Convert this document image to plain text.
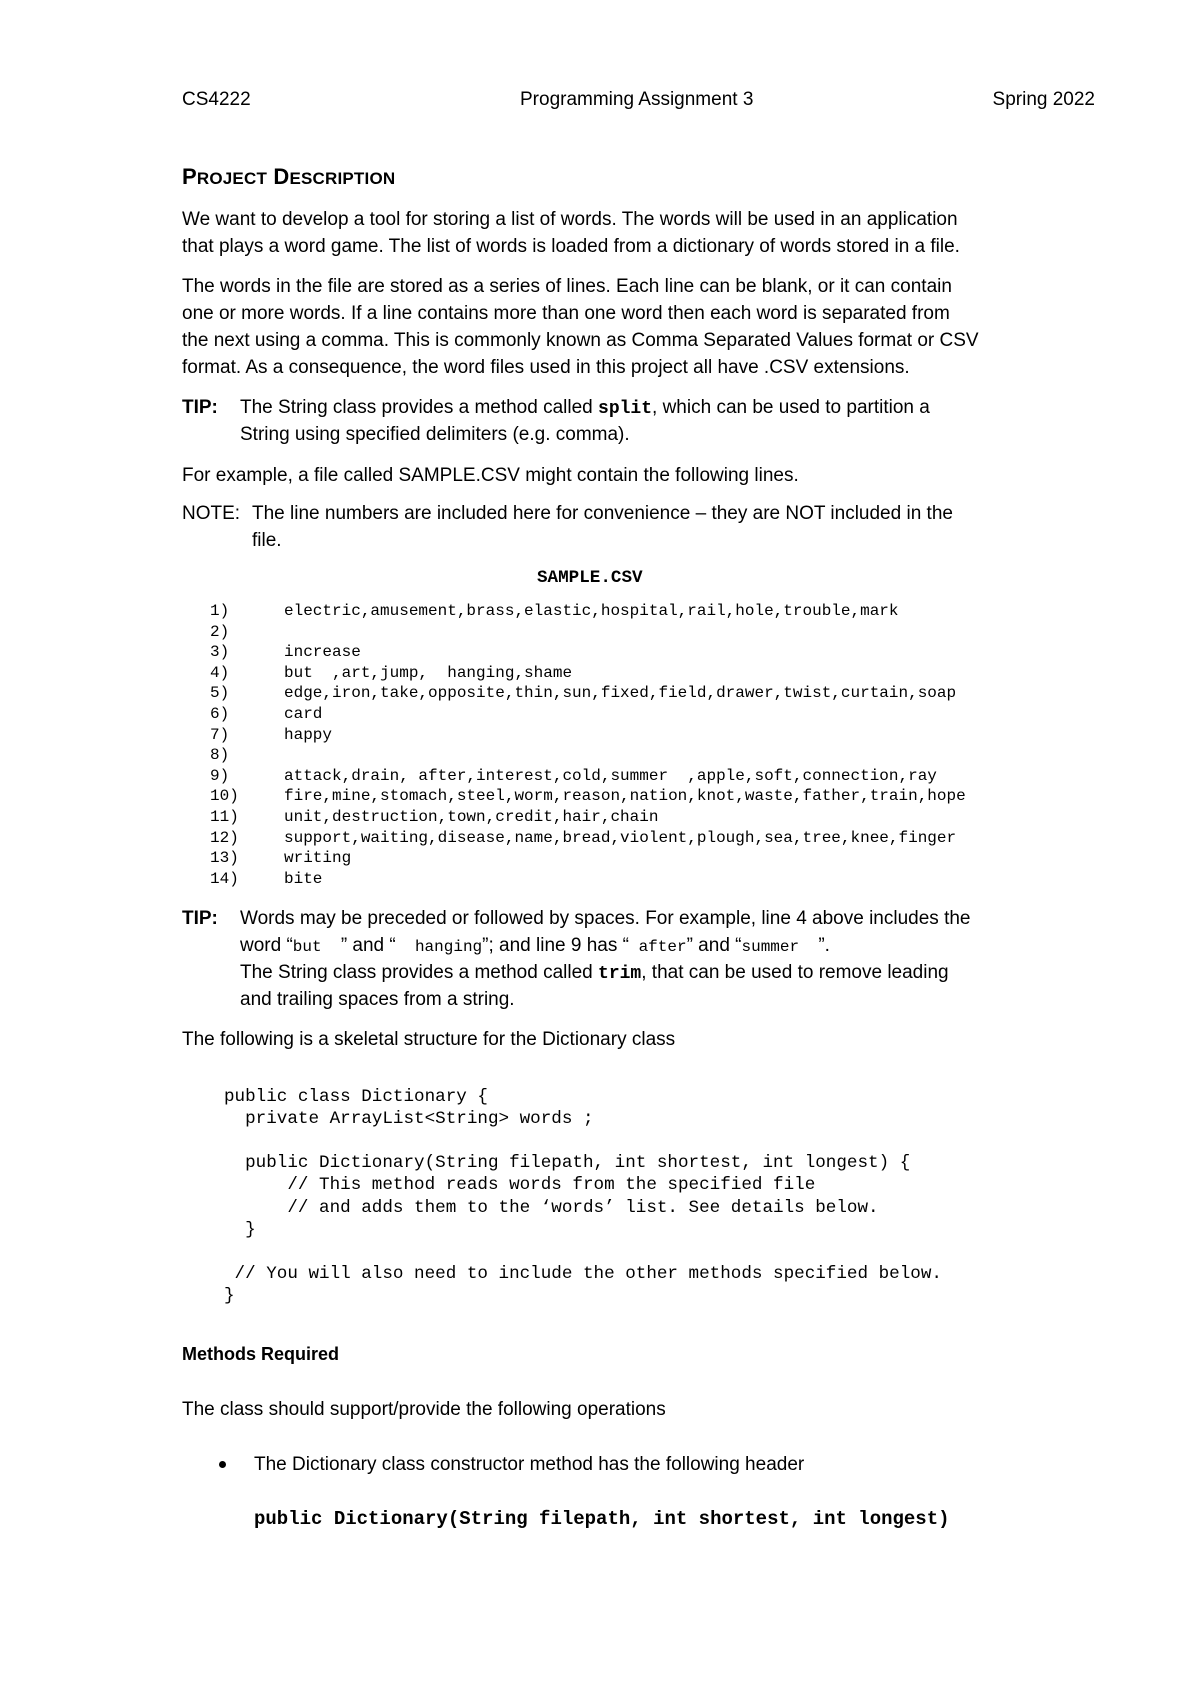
CS4222	Programming Assignment 3	Spring 2022
PROJECT DESCRIPTION
We want to develop a tool for storing a list of words. The words will be used in an application
that plays a word game. The list of words is loaded from a dictionary of words stored in a file.
The words in the file are stored as a series of lines. Each line can be blank, or it can contain
one or more words. If a line contains more than one word then each word is separated from
the next using a comma. This is commonly known as Comma Separated Values format or CSV
format. As a consequence, the word files used in this project all have .CSV extensions.
TIP: The String class provides a method called split, which can be used to partition a
String using specified delimiters (e.g. comma).
For example, a file called SAMPLE.CSV might contain the following lines.
NOTE: The line numbers are included here for convenience – they are NOT included in the
file.
SAMPLE.CSV
1)	electric,amusement,brass,elastic,hospital,rail,hole,trouble,mark
2)
3)	increase
4)	but  ,art,jump,  hanging,shame
5)	edge,iron,take,opposite,thin,sun,fixed,field,drawer,twist,curtain,soap
6)	card
7)	happy
8)
9)	attack,drain, after,interest,cold,summer  ,apple,soft,connection,ray
10)	fire,mine,stomach,steel,worm,reason,nation,knot,waste,father,train,hope
11)	unit,destruction,town,credit,hair,chain
12)	support,waiting,disease,name,bread,violent,plough,sea,tree,knee,finger
13)	writing
14)	bite
TIP: Words may be preceded or followed by spaces. For example, line 4 above includes the
word “but  ” and “  hanging”; and line 9 has “ after” and “summer  ”.
The String class provides a method called trim, that can be used to remove leading
and trailing spaces from a string.
The following is a skeletal structure for the Dictionary class
public class Dictionary {
private ArrayList<String> words ;
public Dictionary(String filepath, int shortest, int longest) {
// This method reads words from the specified file
// and adds them to the ‘words’ list. See details below.
}
// You will also need to include the other methods specified below.
}
Methods Required
The class should support/provide the following operations
The Dictionary class constructor method has the following header
public Dictionary(String filepath, int shortest, int longest)
